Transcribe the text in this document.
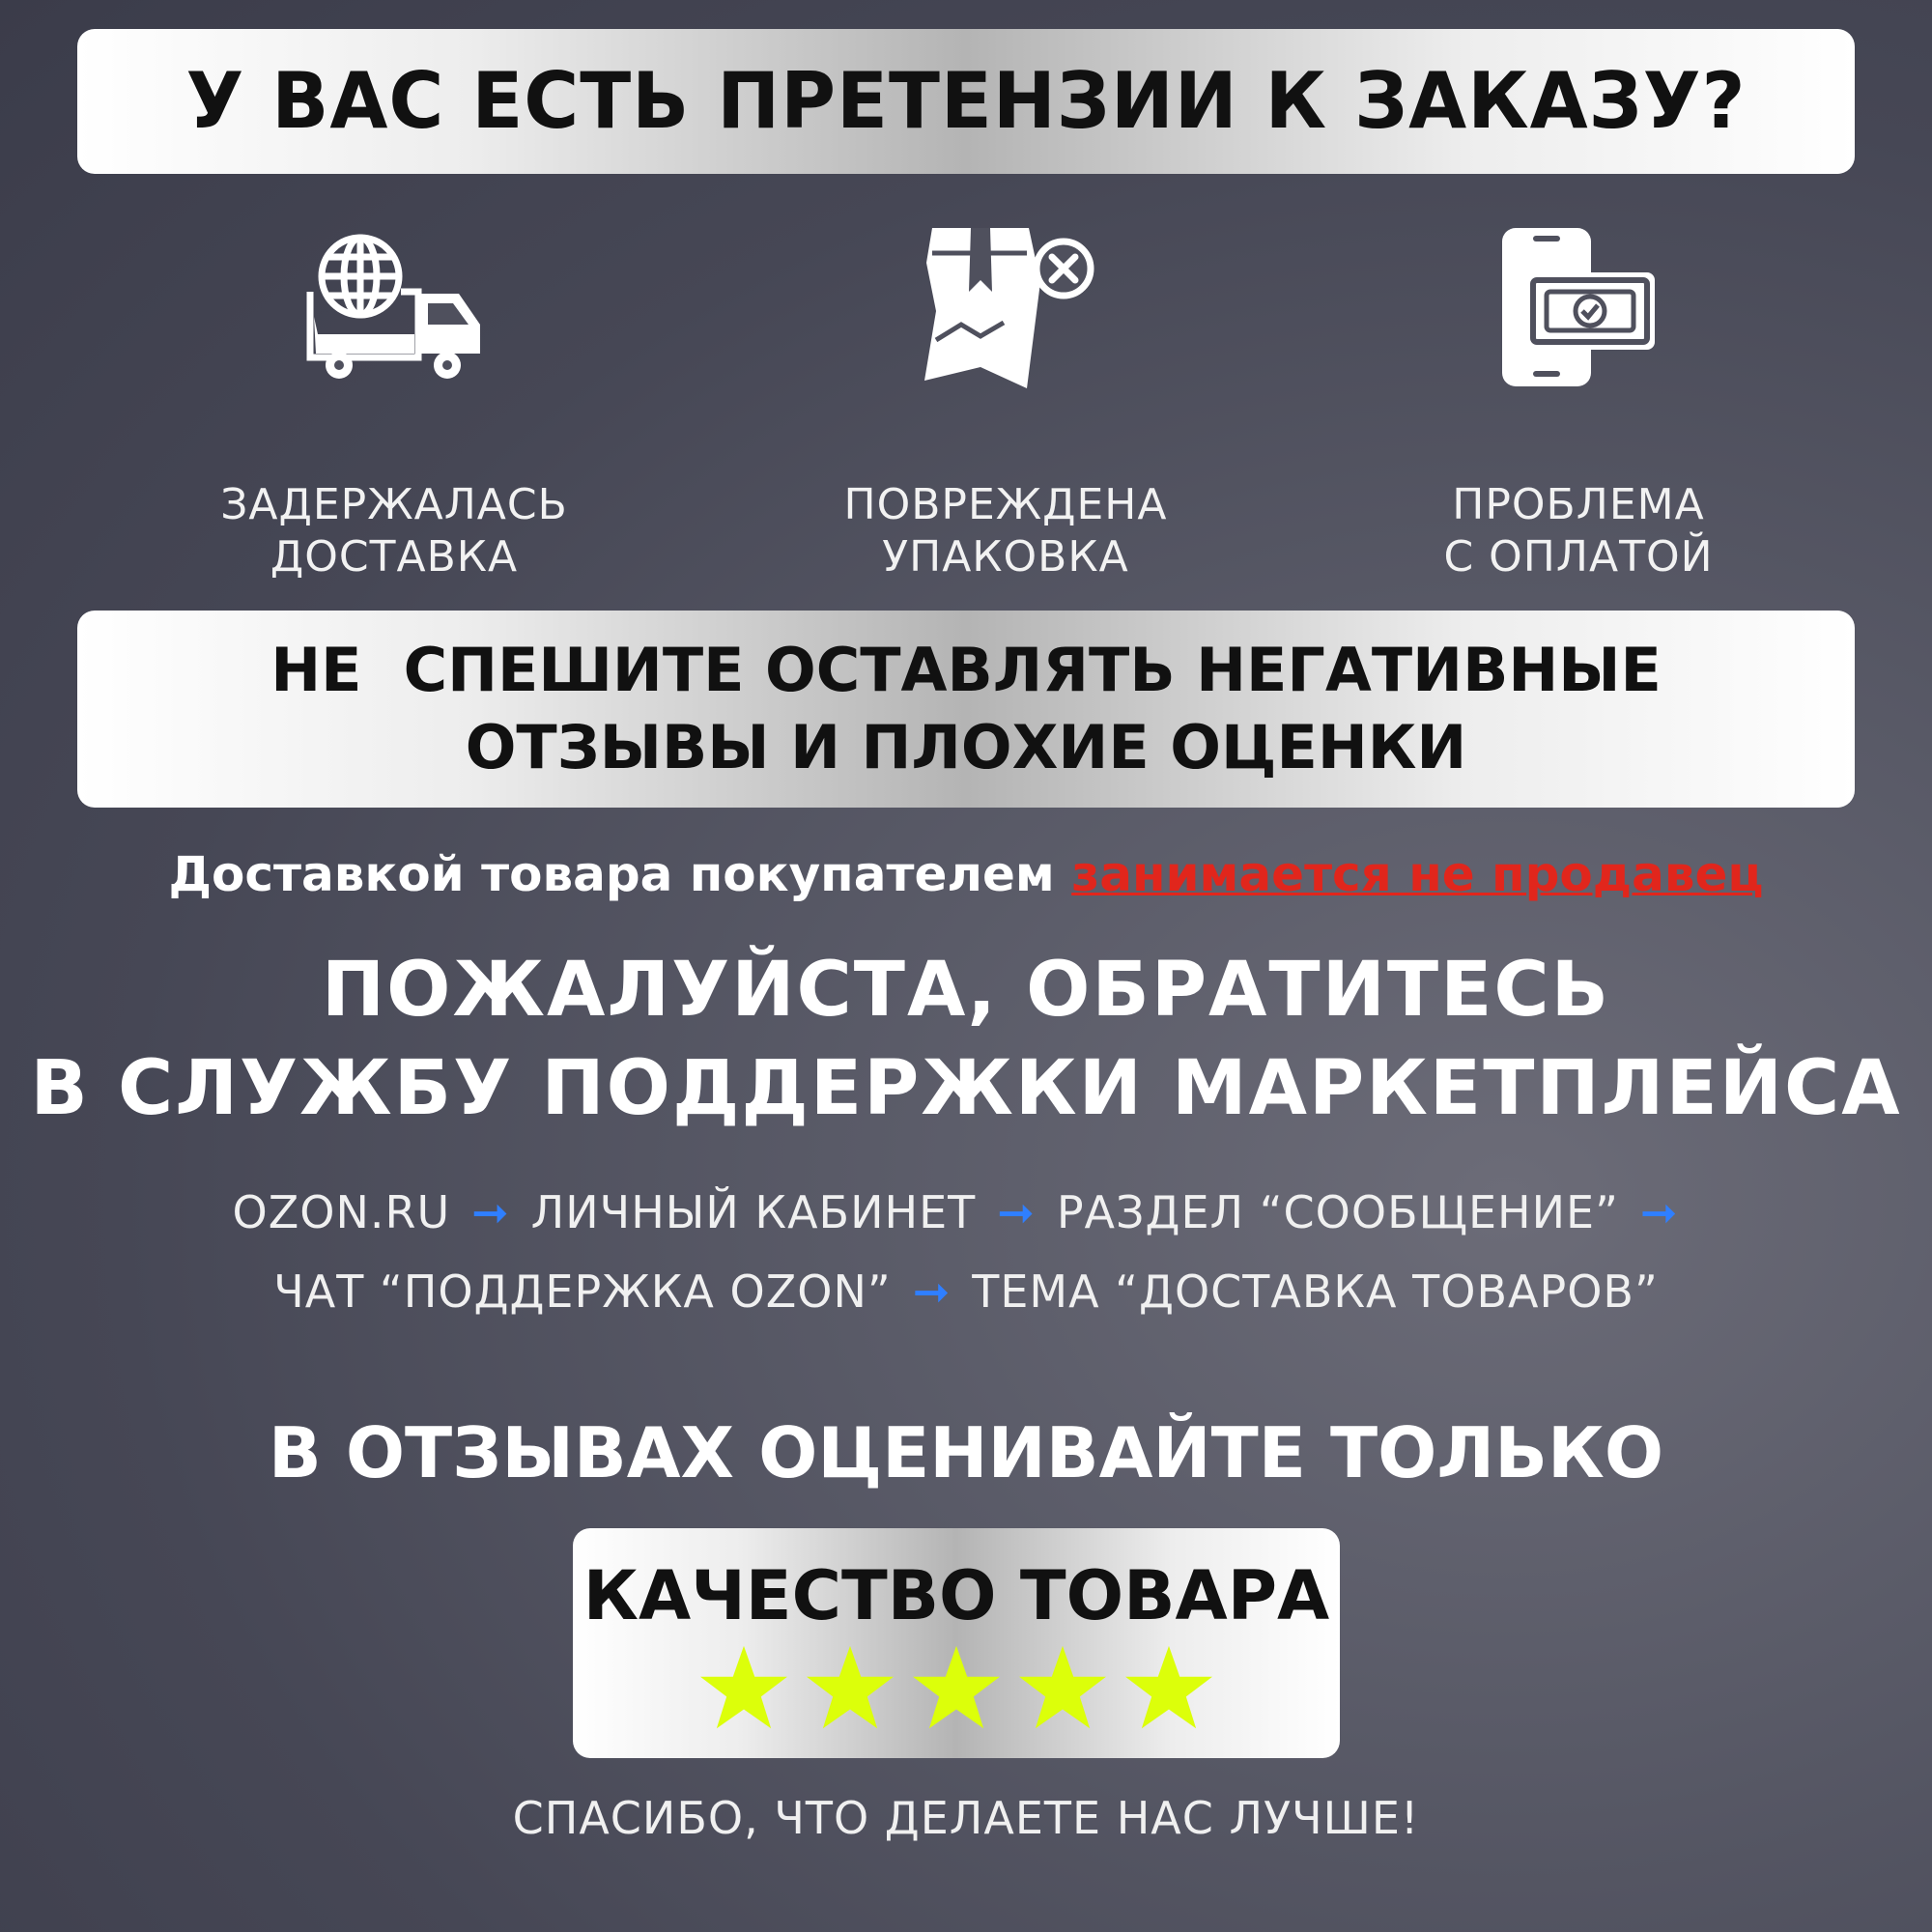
У ВАС ЕСТЬ ПРЕТЕНЗИИ К ЗАКАЗУ?
ЗАДЕРЖАЛАСЬ
ДОСТАВКА
ПОВРЕЖДЕНА
УПАКОВКА
ПРОБЛЕМА
С ОПЛАТОЙ
НЕ  СПЕШИТЕ ОСТАВЛЯТЬ НЕГАТИВНЫЕ
ОТЗЫВЫ И ПЛОХИЕ ОЦЕНКИ
Доставкой товара покупателем занимается не продавец
ПОЖАЛУЙСТА, ОБРАТИТЕСЬ
В СЛУЖБУ ПОДДЕРЖКИ МАРКЕТПЛЕЙСА
OZON.RU ➞ ЛИЧНЫЙ КАБИНЕТ ➞ РАЗДЕЛ “СООБЩЕНИЕ” ➞
ЧАТ “ПОДДЕРЖКА OZON” ➞ ТЕМА “ДОСТАВКА ТОВАРОВ”
В ОТЗЫВАХ ОЦЕНИВАЙТЕ ТОЛЬКО
КАЧЕСТВО ТОВАРА
СПАСИБО, ЧТО ДЕЛАЕТЕ НАС ЛУЧШЕ!
